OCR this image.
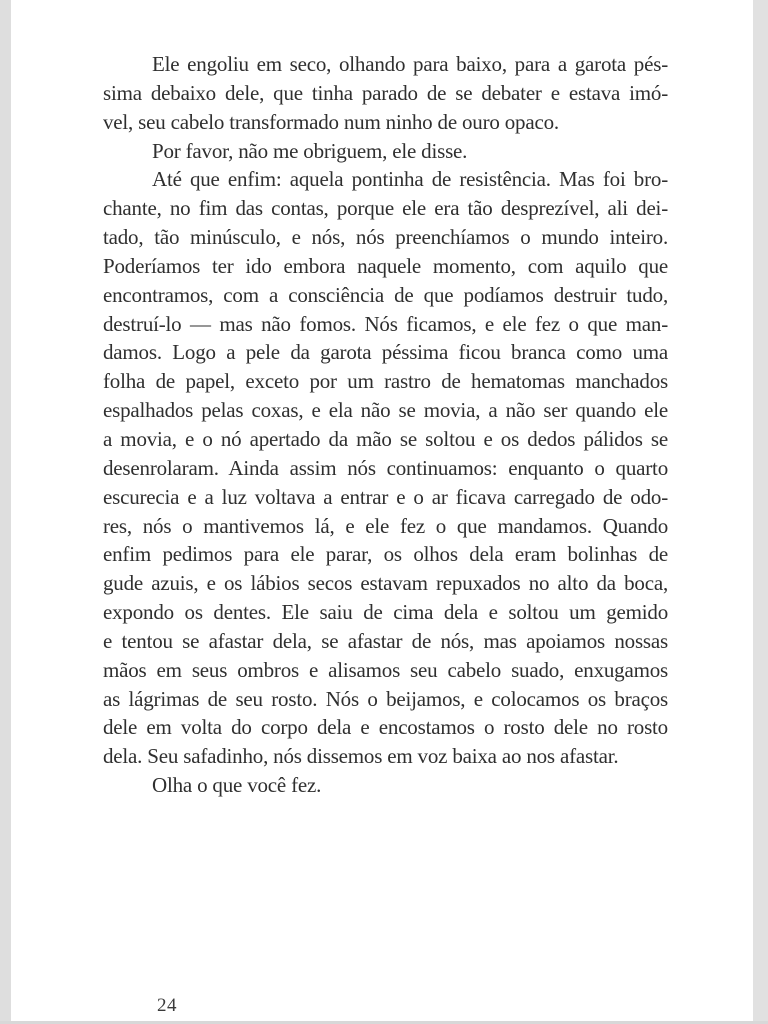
Ele engoliu em seco, olhando para baixo, para a garota pés-
sima debaixo dele, que tinha parado de se debater e estava imó-
vel, seu cabelo transformado num ninho de ouro opaco.
Por favor, não me obriguem, ele disse.
Até que enfim: aquela pontinha de resistência. Mas foi bro-
chante, no fim das contas, porque ele era tão desprezível, ali dei-
tado, tão minúsculo, e nós, nós preenchíamos o mundo inteiro.
Poderíamos ter ido embora naquele momento, com aquilo que
encontramos, com a consciência de que podíamos destruir tudo,
destruí-lo — mas não fomos. Nós ficamos, e ele fez o que man-
damos. Logo a pele da garota péssima ficou branca como uma
folha de papel, exceto por um rastro de hematomas manchados
espalhados pelas coxas, e ela não se movia, a não ser quando ele
a movia, e o nó apertado da mão se soltou e os dedos pálidos se
desenrolaram. Ainda assim nós continuamos: enquanto o quarto
escurecia e a luz voltava a entrar e o ar ficava carregado de odo-
res, nós o mantivemos lá, e ele fez o que mandamos. Quando
enfim pedimos para ele parar, os olhos dela eram bolinhas de
gude azuis, e os lábios secos estavam repuxados no alto da boca,
expondo os dentes. Ele saiu de cima dela e soltou um gemido
e tentou se afastar dela, se afastar de nós, mas apoiamos nossas
mãos em seus ombros e alisamos seu cabelo suado, enxugamos
as lágrimas de seu rosto. Nós o beijamos, e colocamos os braços
dele em volta do corpo dela e encostamos o rosto dele no rosto
dela. Seu safadinho, nós dissemos em voz baixa ao nos afastar.
Olha o que você fez.
24
